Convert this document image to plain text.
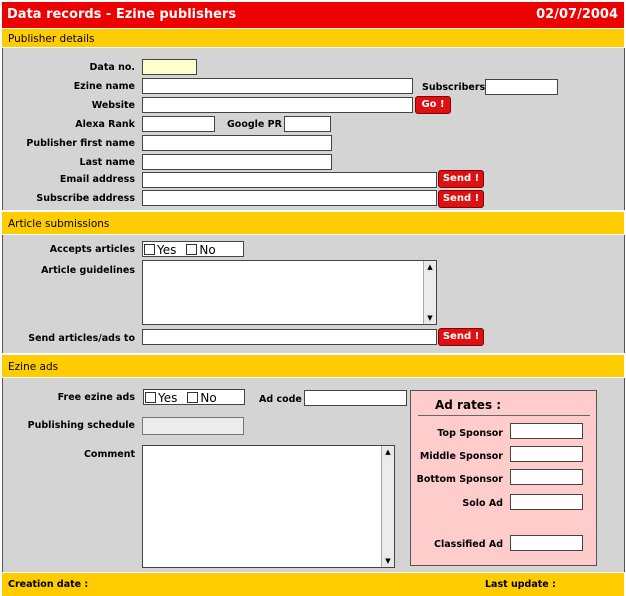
Data records - Ezine publishers	02/07/2004
Publisher details
Data no.
Ezine name	Subscribers
Website	Go !
Alexa Rank	Google PR
Publisher first name
Last name
Email address	Send !
Subscribe address	Send !
Article submissions
Accepts articles	Yes No
Article guidelines	▲
▼
Send articles/ads to	Send !
Ezine ads
Free ezine ads	Yes No	Ad code
Publishing schedule
Comment	▲
▼
Ad rates :
Top Sponsor
Middle Sponsor
Bottom Sponsor
Solo Ad
Classified Ad
Creation date :	Last update :
